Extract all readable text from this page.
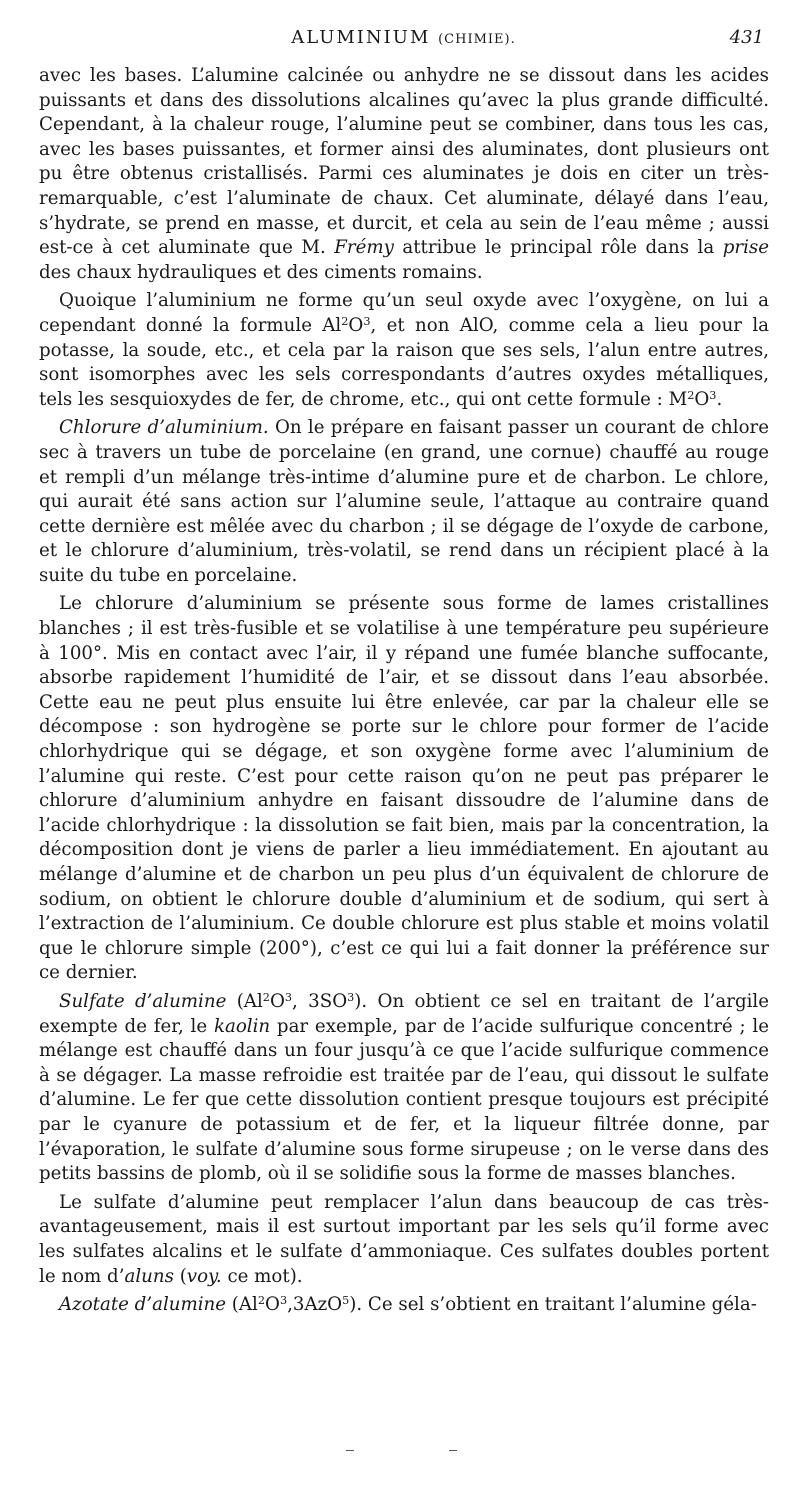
ALUMINIUM (CHIMIE).	431

avec les bases. L’alumine calcinée ou anhydre ne se dissout dans les acides puissants et dans des dissolutions alcalines qu’avec la plus grande difficulté. Cependant, à la chaleur rouge, l’alumine peut se combiner, dans tous les cas, avec les bases puissantes, et former ainsi des aluminates, dont plusieurs ont pu être obtenus cristallisés. Parmi ces aluminates je dois en citer un très-remarquable, c’est l’aluminate de chaux. Cet aluminate, délayé dans l’eau, s’hydrate, se prend en masse, et durcit, et cela au sein de l’eau même ; aussi est-ce à cet aluminate que M. Frémy attribue le principal rôle dans la prise des chaux hydrauliques et des ciments romains.

Quoique l’aluminium ne forme qu’un seul oxyde avec l’oxygène, on lui a cependant donné la formule $Al^2O^3$, et non AlO, comme cela a lieu pour la potasse, la soude, etc., et cela par la raison que ses sels, l’alun entre autres, sont isomorphes avec les sels correspondants d’autres oxydes métalliques, tels les sesquioxydes de fer, de chrome, etc., qui ont cette formule : $M^2O^3$.

Chlorure d’aluminium. On le prépare en faisant passer un courant de chlore sec à travers un tube de porcelaine (en grand, une cornue) chauffé au rouge et rempli d’un mélange très-intime d’alumine pure et de charbon. Le chlore, qui aurait été sans action sur l’alumine seule, l’attaque au contraire quand cette dernière est mêlée avec du charbon ; il se dégage de l’oxyde de carbone, et le chlorure d’aluminium, très-volatil, se rend dans un récipient placé à la suite du tube en porcelaine.

Le chlorure d’aluminium se présente sous forme de lames cristallines blanches ; il est très-fusible et se volatilise à une température peu supérieure à 100°. Mis en contact avec l’air, il y répand une fumée blanche suffocante, absorbe rapidement l’humidité de l’air, et se dissout dans l’eau absorbée. Cette eau ne peut plus ensuite lui être enlevée, car par la chaleur elle se décompose : son hydrogène se porte sur le chlore pour former de l’acide chlorhydrique qui se dégage, et son oxygène forme avec l’aluminium de l’alumine qui reste. C’est pour cette raison qu’on ne peut pas préparer le chlorure d’aluminium anhydre en faisant dissoudre de l’alumine dans de l’acide chlorhydrique : la dissolution se fait bien, mais par la concentration, la décomposition dont je viens de parler a lieu immédiatement. En ajoutant au mélange d’alumine et de charbon un peu plus d’un équivalent de chlorure de sodium, on obtient le chlorure double d’aluminium et de sodium, qui sert à l’extraction de l’aluminium. Ce double chlorure est plus stable et moins volatil que le chlorure simple (200°), c’est ce qui lui a fait donner la préférence sur ce dernier.

Sulfate d’alumine ($Al^2O^3$, $3SO^3$). On obtient ce sel en traitant de l’argile exempte de fer, le kaolin par exemple, par de l’acide sulfurique concentré ; le mélange est chauffé dans un four jusqu’à ce que l’acide sulfurique commence à se dégager. La masse refroidie est traitée par de l’eau, qui dissout le sulfate d’alumine. Le fer que cette dissolution contient presque toujours est précipité par le cyanure de potassium et de fer, et la liqueur filtrée donne, par l’évaporation, le sulfate d’alumine sous forme sirupeuse ; on le verse dans des petits bassins de plomb, où il se solidifie sous la forme de masses blanches.

Le sulfate d’alumine peut remplacer l’alun dans beaucoup de cas très-avantageusement, mais il est surtout important par les sels qu’il forme avec les sulfates alcalins et le sulfate d’ammoniaque. Ces sulfates doubles portent le nom d’aluns (voy. ce mot).

Azotate d’alumine $(Al^2O^3,3AzO^5)$. Ce sel s’obtient en traitant l’alumine géla-
